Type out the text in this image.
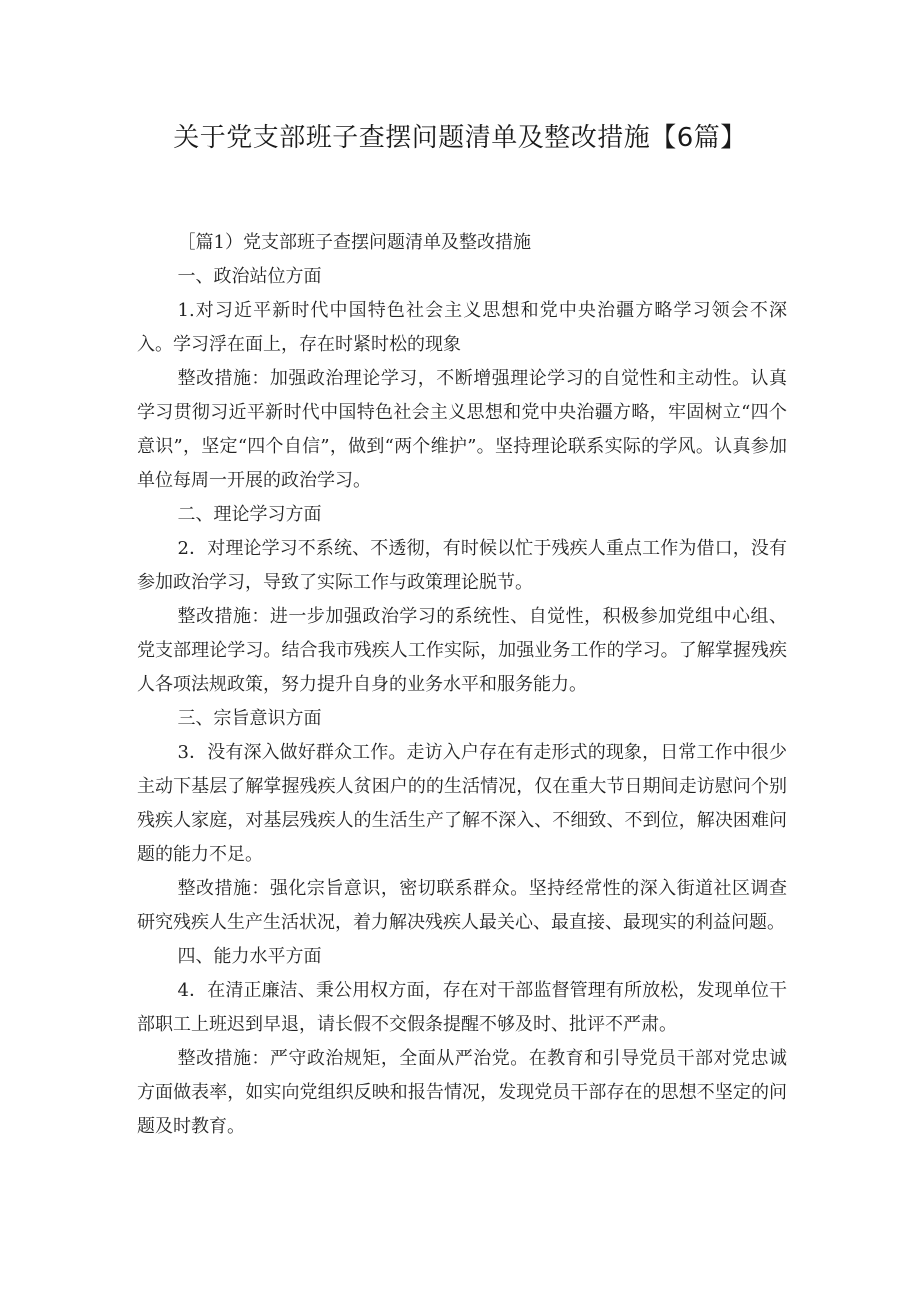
关于党支部班子查摆问题清单及整改措施【6篇】

［篇1）党支部班子查摆问题清单及整改措施

一、政治站位方面

1.对习近平新时代中国特色社会主义思想和党中央治疆方略学习领会不深入。学习浮在面上，存在时紧时松的现象

整改措施：加强政治理论学习，不断增强理论学习的自觉性和主动性。认真学习贯彻习近平新时代中国特色社会主义思想和党中央治疆方略，牢固树立“四个意识”，坚定“四个自信”，做到“两个维护”。坚持理论联系实际的学风。认真参加单位每周一开展的政治学习。

二、理论学习方面

2．对理论学习不系统、不透彻，有时候以忙于残疾人重点工作为借口，没有参加政治学习，导致了实际工作与政策理论脱节。

整改措施：进一步加强政治学习的系统性、自觉性，积极参加党组中心组、党支部理论学习。结合我市残疾人工作实际，加强业务工作的学习。了解掌握残疾人各项法规政策，努力提升自身的业务水平和服务能力。

三、宗旨意识方面

3．没有深入做好群众工作。走访入户存在有走形式的现象，日常工作中很少主动下基层了解掌握残疾人贫困户的的生活情况，仅在重大节日期间走访慰问个别残疾人家庭，对基层残疾人的生活生产了解不深入、不细致、不到位，解决困难问题的能力不足。

整改措施：强化宗旨意识，密切联系群众。坚持经常性的深入街道社区调查研究残疾人生产生活状况，着力解决残疾人最关心、最直接、最现实的利益问题。

四、能力水平方面

4．在清正廉洁、秉公用权方面，存在对干部监督管理有所放松，发现单位干部职工上班迟到早退，请长假不交假条提醒不够及时、批评不严肃。

整改措施：严守政治规矩，全面从严治党。在教育和引导党员干部对党忠诚方面做表率，如实向党组织反映和报告情况，发现党员干部存在的思想不坚定的问题及时教育。
